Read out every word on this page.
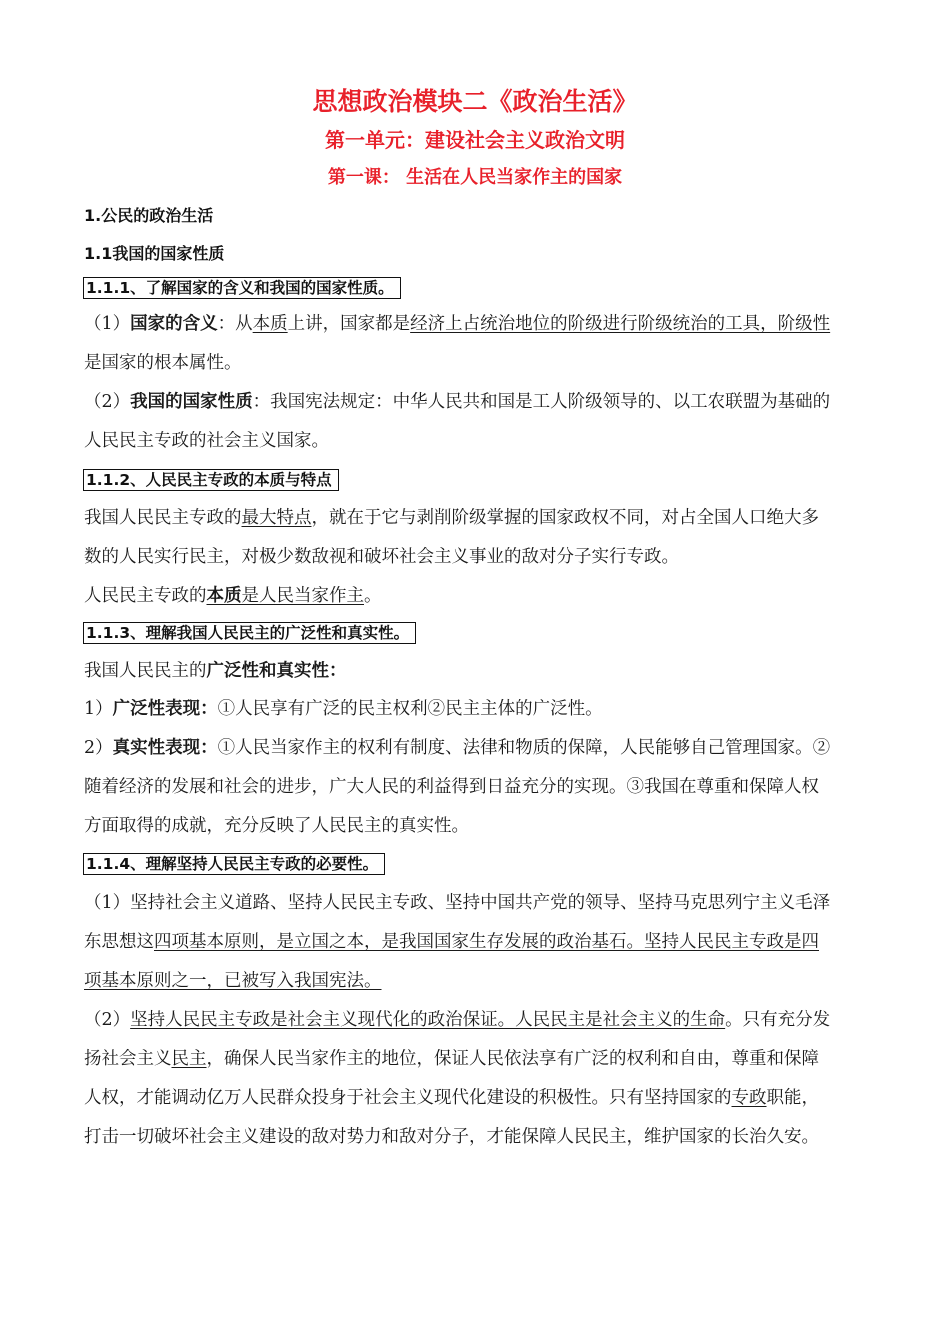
思想政治模块二《政治生活》
第一单元：建设社会主义政治文明
第一课： 生活在人民当家作主的国家
1.公民的政治生活
1.1我国的国家性质
1.1.1、了解国家的含义和我国的国家性质。
（1）国家的含义：从本质上讲，国家都是经济上占统治地位的阶级进行阶级统治的工具，阶级性
是国家的根本属性。
（2）我国的国家性质：我国宪法规定：中华人民共和国是工人阶级领导的、以工农联盟为基础的
人民民主专政的社会主义国家。
1.1.2、人民民主专政的本质与特点
我国人民民主专政的最大特点，就在于它与剥削阶级掌握的国家政权不同，对占全国人口绝大多
数的人民实行民主，对极少数敌视和破坏社会主义事业的敌对分子实行专政。
人民民主专政的本质是人民当家作主。
1.1.3、理解我国人民民主的广泛性和真实性。
我国人民民主的广泛性和真实性：
1）广泛性表现：①人民享有广泛的民主权利②民主主体的广泛性。
2）真实性表现：①人民当家作主的权利有制度、法律和物质的保障，人民能够自己管理国家。②
随着经济的发展和社会的进步，广大人民的利益得到日益充分的实现。③我国在尊重和保障人权
方面取得的成就，充分反映了人民民主的真实性。
1.1.4、理解坚持人民民主专政的必要性。
（1）坚持社会主义道路、坚持人民民主专政、坚持中国共产党的领导、坚持马克思列宁主义毛泽
东思想这四项基本原则，是立国之本，是我国国家生存发展的政治基石。坚持人民民主专政是四
项基本原则之一，已被写入我国宪法。
（2）坚持人民民主专政是社会主义现代化的政治保证。人民民主是社会主义的生命。只有充分发
扬社会主义民主，确保人民当家作主的地位，保证人民依法享有广泛的权利和自由，尊重和保障
人权，才能调动亿万人民群众投身于社会主义现代化建设的积极性。只有坚持国家的专政职能，
打击一切破坏社会主义建设的敌对势力和敌对分子，才能保障人民民主，维护国家的长治久安。
